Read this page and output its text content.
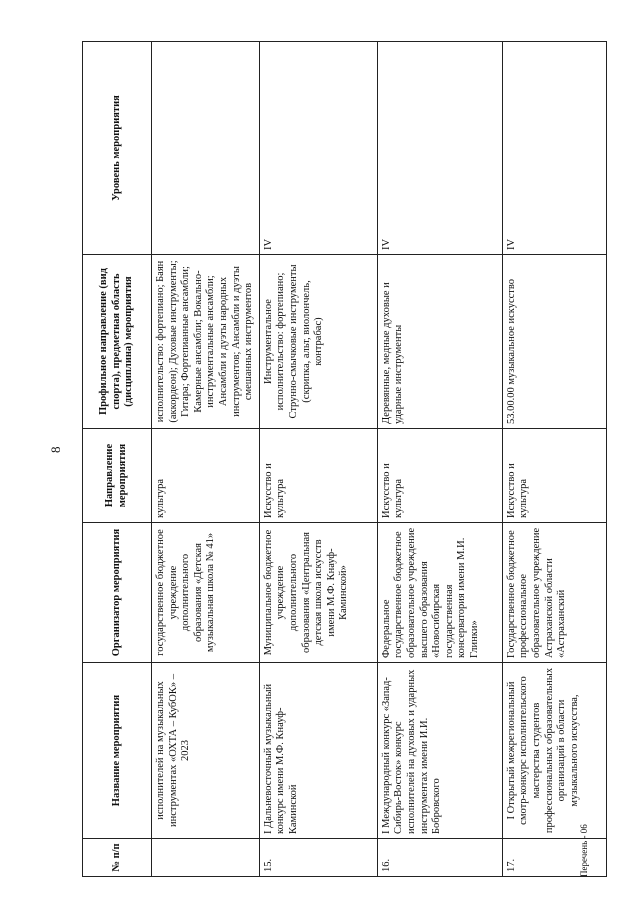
8
№ п/п	Название мероприятия	Организатор мероприятия	Направление мероприятия	Профильное направление (вид спорта), предметная область (дисциплина) мероприятия	Уровень мероприятия
	исполнителей на музыкальных инструментах «ОХТА – КубОК» – 2023	государственное бюджетное учреждение дополнительного образования «Детская музыкальная школа № 41»	культура	исполнительство: фортепиано; Баян (аккордеон); Духовые инструменты; Гитара; Фортепианные ансамбли; Камерные ансамбли; Вокально-инструментальные ансамбли; Ансамбли и дуэты народных инструментов; Ансамбли и дуэты смешанных инструментов	
15.	I Дальневосточный музыкальный конкурс имени М.Ф. Кнауф-Каминской	Муниципальное бюджетное учреждение дополнительного образования «Центральная детская школа искусств имени М.Ф. Кнауф-Каминской»	Искусство и культура	Инструментальное исполнительство: фортепиано; Струнно-смычковые инструменты (скрипка, альт, виолончель, контрабас)	IV
16.	I Международный конкурс «Запад-Сибирь-Восток» конкурс исполнителей на духовых и ударных инструментах имени И.И. Бобровского	Федеральное государственное бюджетное образовательное учреждение высшего образования «Новосибирская государственная консерватория имени М.И. Глинки»	Искусство и культура	Деревянные, медные духовые и ударные инструменты	IV
17.	I Открытый межрегиональный смотр-конкурс исполнительского мастерства студентов профессиональных образовательных организаций в области музыкального искусства,	Государственное бюджетное профессиональное образовательное учреждение Астраханской области «Астраханский	Искусство и культура	53.00.00 музыкальное искусство	IV
Перечень - 06
